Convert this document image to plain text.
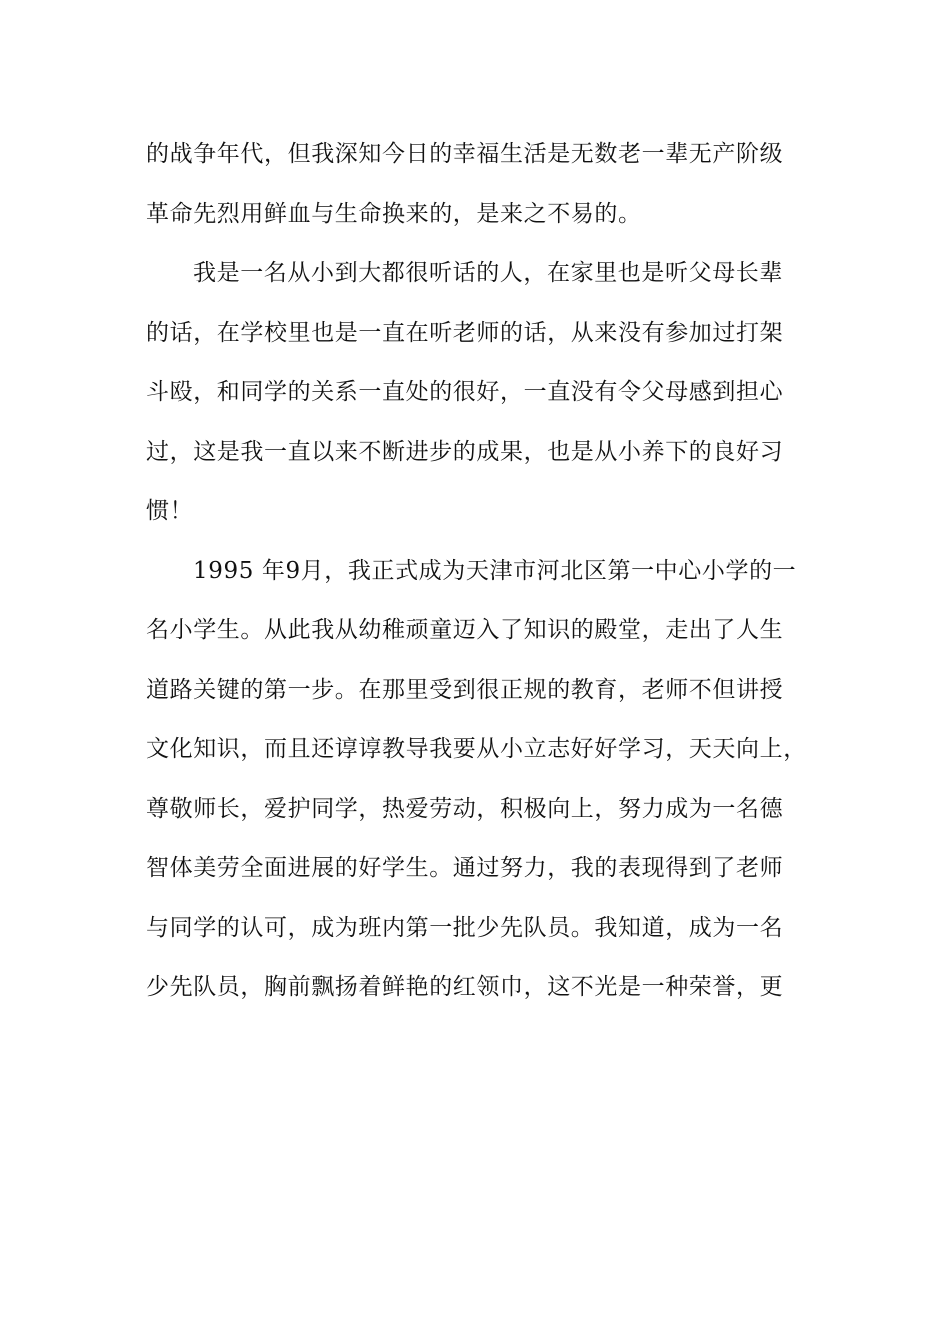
的战争年代，但我深知今日的幸福生活是无数老一辈无产阶级
革命先烈用鲜血与生命换来的，是来之不易的。
我是一名从小到大都很听话的人，在家里也是听父母长辈
的话，在学校里也是一直在听老师的话，从来没有参加过打架
斗殴，和同学的关系一直处的很好，一直没有令父母感到担心
过，这是我一直以来不断进步的成果，也是从小养下的良好习
惯！
1995 年9月，我正式成为天津市河北区第一中心小学的一
名小学生。从此我从幼稚顽童迈入了知识的殿堂，走出了人生
道路关键的第一步。在那里受到很正规的教育，老师不但讲授
文化知识，而且还谆谆教导我要从小立志好好学习，天天向上，
尊敬师长，爱护同学，热爱劳动，积极向上，努力成为一名德
智体美劳全面进展的好学生。通过努力，我的表现得到了老师
与同学的认可，成为班内第一批少先队员。我知道，成为一名
少先队员，胸前飘扬着鲜艳的红领巾，这不光是一种荣誉，更
